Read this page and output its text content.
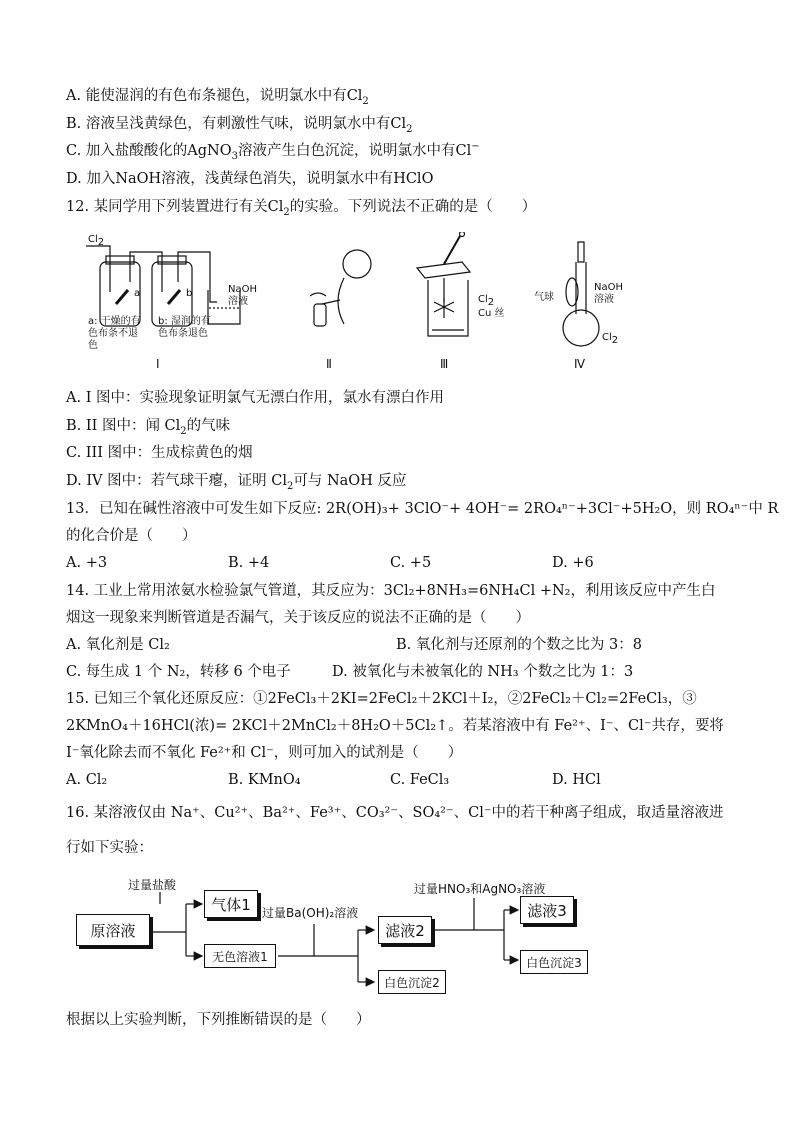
A. 能使湿润的有色布条褪色，说明氯水中有$Cl_2$
B. 溶液呈浅黄绿色，有刺激性气味，说明氯水中有$Cl_2$
C. 加入盐酸酸化的AgNO$_3$溶液产生白色沉淀，说明氯水中有Cl−
D. 加入NaOH溶液，浅黄绿色消失，说明氯水中有HClO
12. 某同学用下列装置进行有关$Cl_2$的实验。下列说法不正确的是（　　）
$Cl_2$
a	b	NaOH
溶液
a: 干燥的有
色布条不退
色
b: 湿润的有
色布条退色
Ⅰ	Ⅱ	Ⅲ	Ⅳ
$Cl_2$
Cu 丝
气球
NaOH
溶液
$Cl_2$
A. I 图中：实验现象证明氯气无漂白作用，氯水有漂白作用
B. II 图中：闻 $Cl_2$的气味
C. III 图中：生成棕黄色的烟
D. IV 图中：若气球干瘪，证明 $Cl_2$可与 NaOH 反应
13．已知在碱性溶液中可发生如下反应: 2R(OH)₃+ 3ClO⁻+ 4OH⁻= 2RO₄ⁿ⁻+3Cl⁻+5H₂O，则 RO₄ⁿ⁻中 R
的化合价是（　　）
A. +3	B. +4	C. +5	D. +6
14. 工业上常用浓氨水检验氯气管道，其反应为：3Cl₂+8NH₃=6NH₄Cl +N₂，利用该反应中产生白
烟这一现象来判断管道是否漏气，关于该反应的说法不正确的是（　　）
A. 氧化剂是 Cl₂	B. 氧化剂与还原剂的个数之比为 3：8
C. 每生成 1 个 N₂，转移 6 个电子	D. 被氧化与未被氧化的 NH₃ 个数之比为 1：3
15. 已知三个氧化还原反应：①2FeCl₃＋2KI=2FeCl₂＋2KCl＋I₂，②2FeCl₂＋Cl₂=2FeCl₃，③
2KMnO₄＋16HCl(浓)= 2KCl＋2MnCl₂＋8H₂O＋5Cl₂↑。若某溶液中有 Fe²⁺、I⁻、Cl⁻共存，要将
I⁻氧化除去而不氧化 Fe²⁺和 Cl⁻，则可加入的试剂是（　　）
A. Cl₂	B. KMnO₄	C. FeCl₃	D. HCl
16. 某溶液仅由 Na⁺、Cu²⁺、Ba²⁺、Fe³⁺、CO₃²⁻、SO₄²⁻、Cl⁻中的若干种离子组成，取适量溶液进
行如下实验：
原溶液
过量盐酸
气体1
无色溶液1
过量Ba(OH)₂溶液
滤液2
白色沉淀2
过量HNO₃和AgNO₃溶液
滤液3
白色沉淀3
根据以上实验判断，下列推断错误的是（　　）
